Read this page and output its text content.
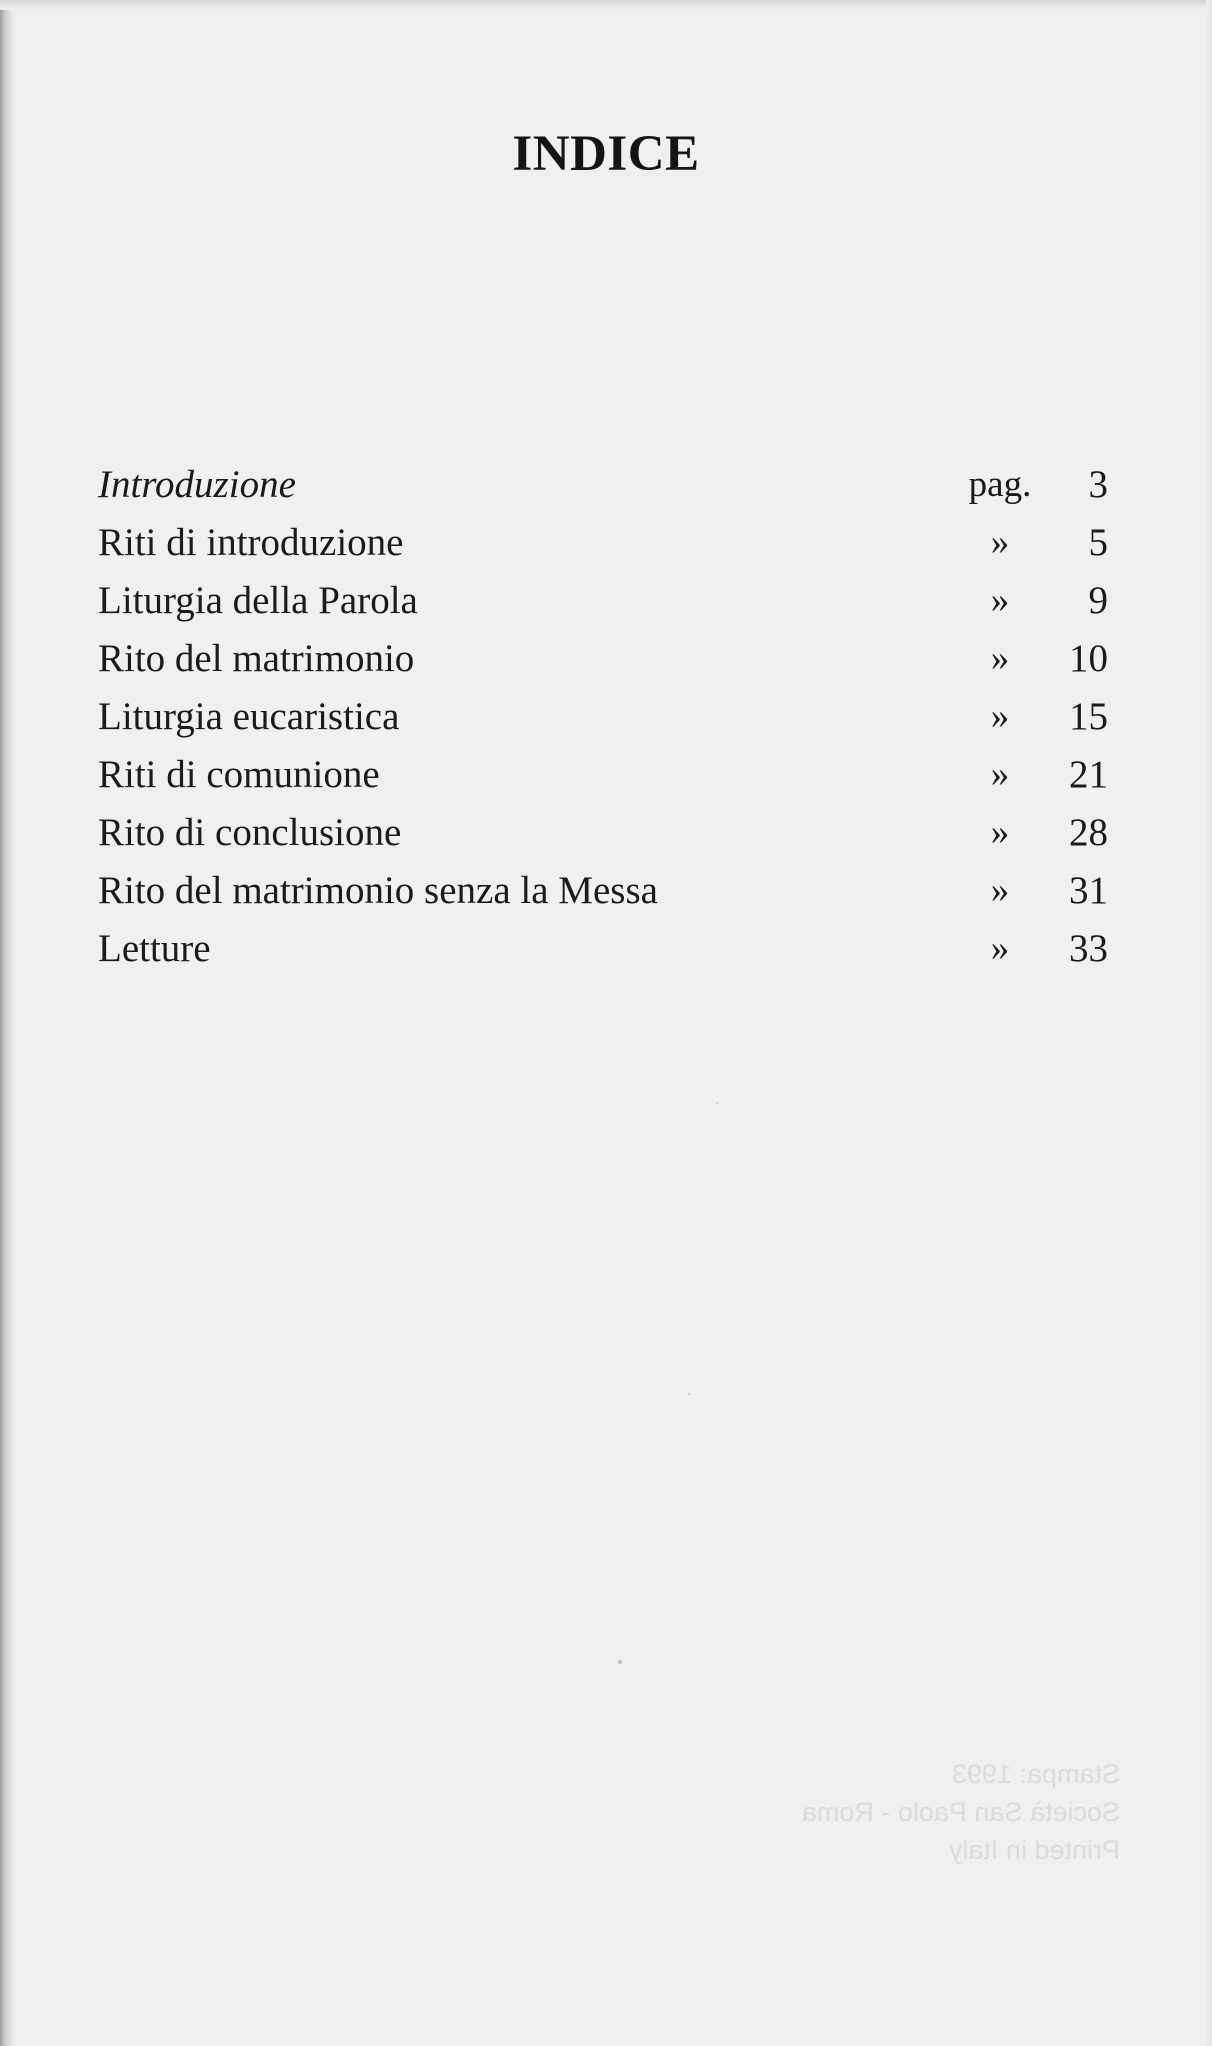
INDICE
Introduzione	pag.	3
Riti di introduzione	»	5
Liturgia della Parola	»	9
Rito del matrimonio	»	10
Liturgia eucaristica	»	15
Riti di comunione	»	21
Rito di conclusione	»	28
Rito del matrimonio senza la Messa	»	31
Letture	»	33
Stampa: 1993
Società San Paolo - Roma
Printed in Italy
